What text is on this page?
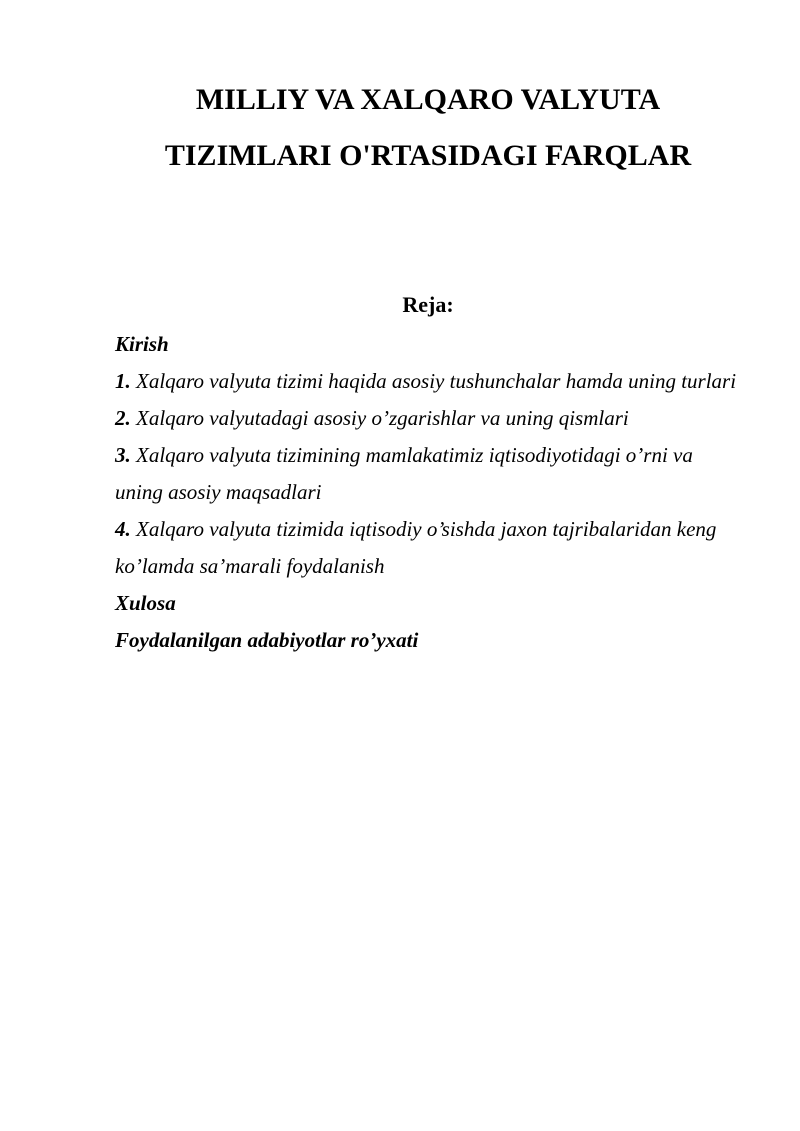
MILLIY VA XALQARO VALYUTA
TIZIMLARI O'RTASIDAGI FARQLAR
Reja:
Kirish
1. Xalqaro valyuta tizimi haqida asosiy tushunchalar hamda uning turlari
2. Xalqaro valyutadagi asosiy o’zgarishlar va uning qismlari
3. Xalqaro valyuta tizimining mamlakatimiz iqtisodiyotidagi o’rni va uning asosiy maqsadlari
4. Xalqaro valyuta tizimida iqtisodiy o’sishda jaxon tajribalaridan keng ko’lamda sa’marali foydalanish
Xulosa
Foydalanilgan adabiyotlar ro’yxati
